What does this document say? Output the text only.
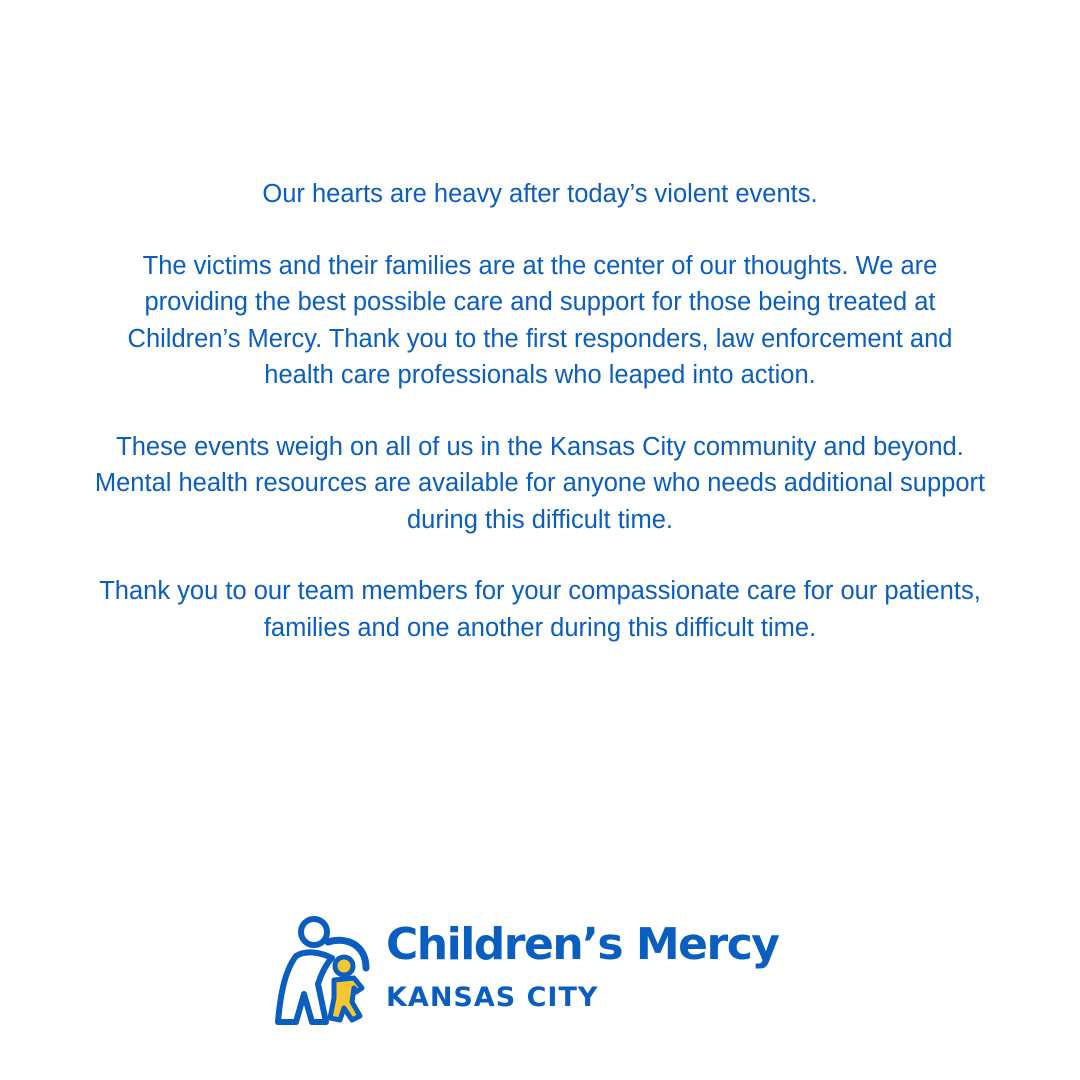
Our hearts are heavy after today’s violent events.

The victims and their families are at the center of our thoughts. We are providing the best possible care and support for those being treated at Children’s Mercy. Thank you to the first responders, law enforcement and health care professionals who leaped into action.

These events weigh on all of us in the Kansas City community and beyond. Mental health resources are available for anyone who needs additional support during this difficult time.

Thank you to our team members for your compassionate care for our patients, families and one another during this difficult time.

Children’s Mercy
KANSAS CITY
